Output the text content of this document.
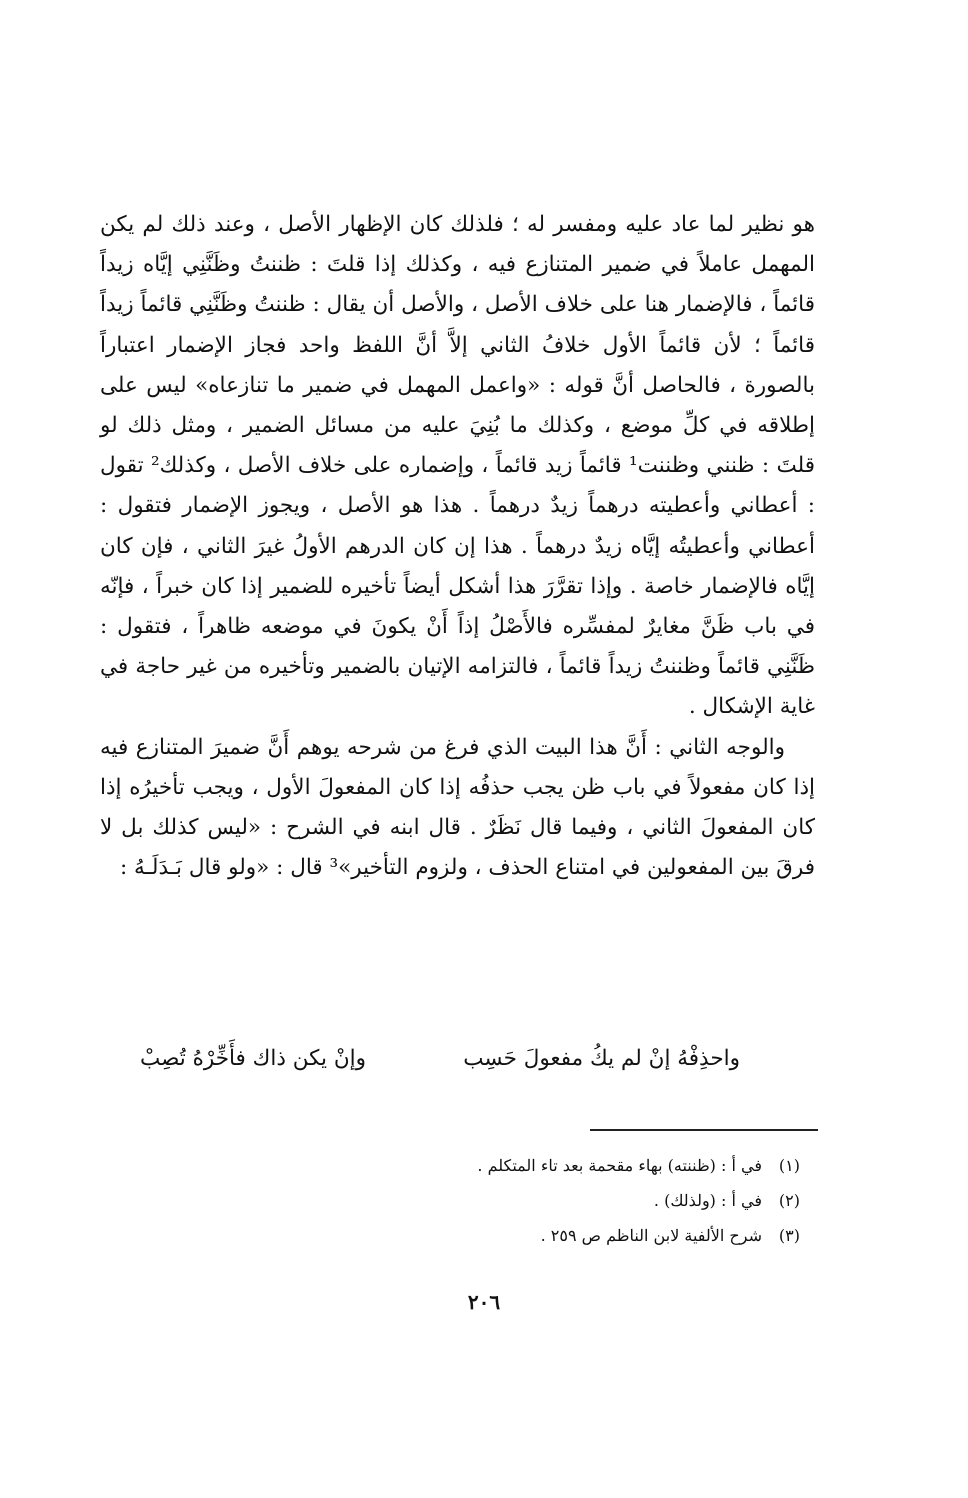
هو نظير لما عاد عليه ومفسر له ؛ فلذلك كان الإظهار الأصل ، وعند ذلك لم يكن المهمل عاملاً في ضمير المتنازع فيه ، وكذلك إذا قلتَ : ظننتُ وظَنَّنِي إيَّاه زيداً قائماً ، فالإضمار هنا على خلاف الأصل ، والأصل أن يقال : ظننتُ وظَنَّنِي قائماً زيداً قائماً ؛ لأن قائماً الأول خلافُ الثاني إلاَّ أنَّ اللفظ واحد فجاز الإضمار اعتباراً بالصورة ، فالحاصل أنَّ قوله : «واعمل المهمل في ضمير ما تنازعاه» ليس على إطلاقه في كلِّ موضع ، وكذلك ما بُنِيَ عليه من مسائل الضمير ، ومثل ذلك لو قلتَ : ظنني وظننت¹ قائماً زيد قائماً ، وإضماره على خلاف الأصل ، وكذلك² تقول : أعطاني وأعطيته درهماً زيدٌ درهماً . هذا هو الأصل ، ويجوز الإضمار فتقول : أعطاني وأعطيتُه إيَّاه زيدٌ درهماً . هذا إن كان الدرهم الأولُ غيرَ الثاني ، فإن كان إيَّاه فالإضمار خاصة . وإذا تقرَّرَ هذا أشكل أيضاً تأخيره للضمير إذا كان خبراً ، فإنّه في باب ظَنَّ مغايرٌ لمفسِّره فالأَصْلُ إذاً أَنْ يكونَ في موضعه ظاهراً ، فتقول : ظَنَّنِي قائماً وظننتُ زيداً قائماً ، فالتزامه الإتيان بالضمير وتأخيره من غير حاجة في غاية الإشكال .

والوجه الثاني : أَنَّ هذا البيت الذي فرغ من شرحه يوهم أَنَّ ضميرَ المتنازع فيه إذا كان مفعولاً في باب ظن يجب حذفُه إذا كان المفعولَ الأول ، ويجب تأخيرُه إذا كان المفعولَ الثاني ، وفيما قال نَظَرٌ . قال ابنه في الشرح : «ليس كذلك بل لا فرقَ بين المفعولين في امتناع الحذف ، ولزوم التأخير»³ قال : «ولو قال بَـدَلَـهُ :

واحذِفْهُ إنْ لم يكُ مفعولَ حَسِب
وإنْ يكن ذاك فأَخِّرْهُ تُصِبْ
(١)
في أ : (ظننته) بهاء مقحمة بعد تاء المتكلم .
(٢)
في أ : (ولذلك) .
(٣)
شرح الألفية لابن الناظم ص ٢٥٩ .
٢٠٦
